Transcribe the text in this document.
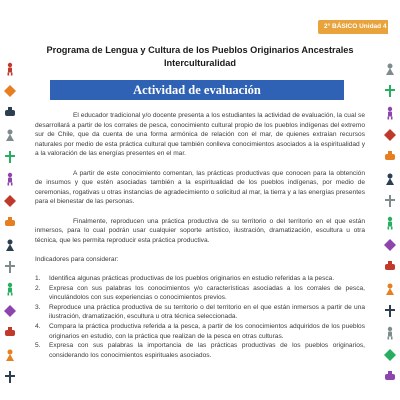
2° BÁSICO Unidad 4
Programa de Lengua y Cultura de los Pueblos Originarios Ancestrales
Interculturalidad
Actividad de evaluación

El educador tradicional y/o docente presenta a los estudiantes la actividad de evaluación, la cual se desarrollará a partir de los corrales de pesca, conocimiento cultural propio de los pueblos indígenas del extremo sur de Chile, que da cuenta de una forma armónica de relación con el mar, de quienes extraían recursos naturales por medio de esta práctica cultural que también conlleva conocimientos asociados a la espiritualidad y a la valoración de las energías presentes en el mar.

A partir de este conocimiento comentan, las prácticas productivas que conocen para la obtención de insumos y que estén asociadas también a la espiritualidad de los pueblos indígenas, por medio de ceremonias, rogativas u otras instancias de agradecimiento o solicitud al mar, la tierra y a las energías presentes para el bienestar de las personas.

Finalmente, reproducen una práctica productiva de su territorio o del territorio en el que están inmersos, para lo cual podrán usar cualquier soporte artístico, ilustración, dramatización, escultura u otra técnica, que les permita reproducir esta práctica productiva.

Indicadores para considerar:

1. Identifica algunas prácticas productivas de los pueblos originarios en estudio referidas a la pesca.
2. Expresa con sus palabras los conocimientos y/o características asociadas a los corrales de pesca, vinculándolos con sus experiencias o conocimientos previos.
3. Reproduce una práctica productiva de su territorio o del territorio en el que están inmersos a partir de una ilustración, dramatización, escultura u otra técnica seleccionada.
4. Compara la práctica productiva referida a la pesca, a partir de los conocimientos adquiridos de los pueblos originarios en estudio, con la práctica que realizan de la pesca en otras culturas.
5. Expresa con sus palabras la importancia de las prácticas productivas de los pueblos originarios, considerando los conocimientos espirituales asociados.
